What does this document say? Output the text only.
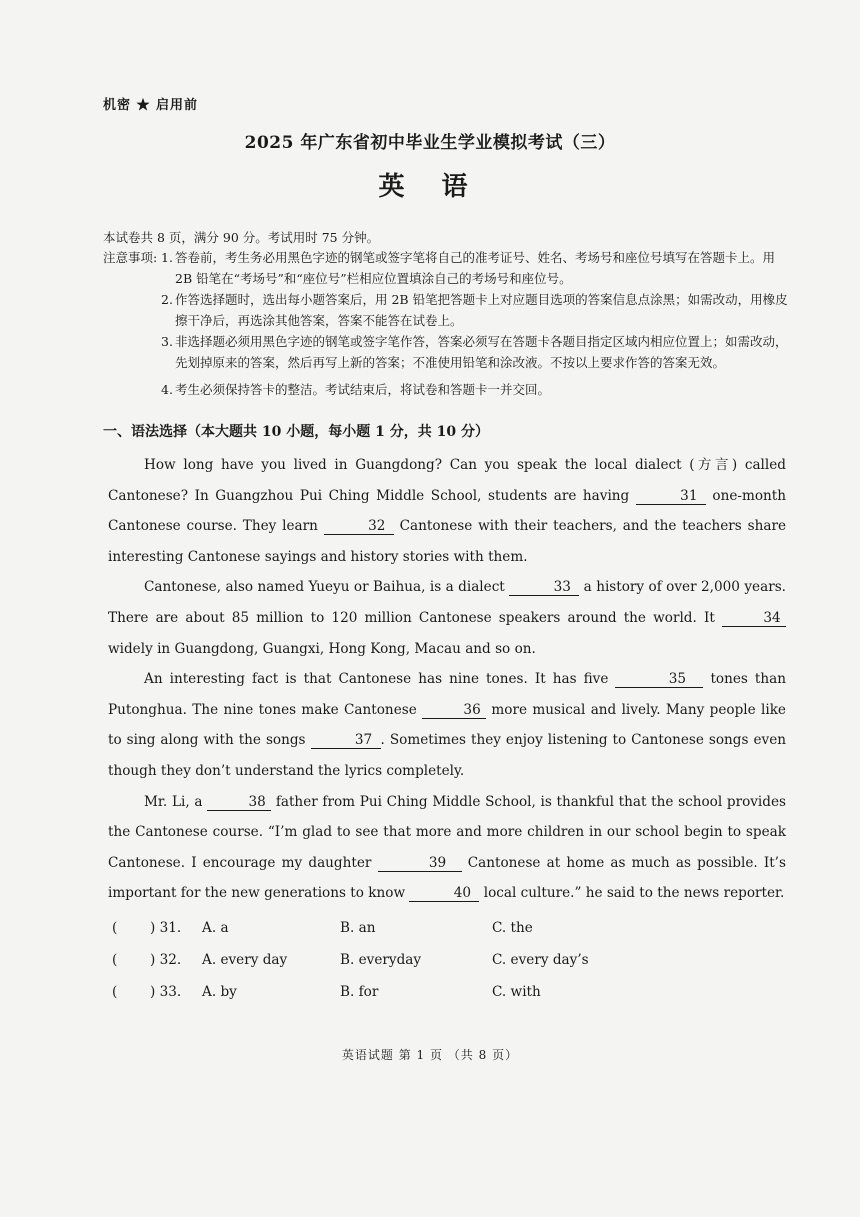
机密 ★ 启用前
2025 年广东省初中毕业生学业模拟考试（三）
英 语
本试卷共 8 页，满分 90 分。考试用时 75 分钟。
注意事项: 1. 答卷前，考生务必用黑色字迹的钢笔或签字笔将自己的准考证号、姓名、考场号和座位号填写在答题卡上。用 2B 铅笔在“考场号”和“座位号”栏相应位置填涂自己的考场号和座位号。
2. 作答选择题时，选出每小题答案后，用 2B 铅笔把答题卡上对应题目选项的答案信息点涂黑；如需改动，用橡皮擦干净后，再选涂其他答案，答案不能答在试卷上。
3. 非选择题必须用黑色字迹的钢笔或签字笔作答，答案必须写在答题卡各题目指定区域内相应位置上；如需改动，先划掉原来的答案，然后再写上新的答案；不准使用铅笔和涂改液。不按以上要求作答的答案无效。
4. 考生必须保持答卡的整洁。考试结束后，将试卷和答题卡一并交回。
一、语法选择（本大题共 10 小题，每小题 1 分，共 10 分）

How long have you lived in Guangdong? Can you speak the local dialect (方言) called Cantonese? In Guangzhou Pui Ching Middle School, students are having	31 one-month Cantonese course. They learn	32 Cantonese with their teachers, and the teachers share interesting Cantonese sayings and history stories with them.

Cantonese, also named Yueyu or Baihua, is a dialect	33 a history of over 2,000 years. There are about 85 million to 120 million Cantonese speakers around the world. It	34 widely in Guangdong, Guangxi, Hong Kong, Macau and so on.

An interesting fact is that Cantonese has nine tones. It has five	35 tones than Putonghua. The nine tones make Cantonese	36 more musical and lively. Many people like to sing along with the songs	37 . Sometimes they enjoy listening to Cantonese songs even though they don’t understand the lyrics completely.

Mr. Li, a	38 father from Pui Ching Middle School, is thankful that the school provides the Cantonese course. “I’m glad to see that more and more children in our school begin to speak Cantonese. I encourage my daughter	39 Cantonese at home as much as possible. It’s important for the new generations to know	40 local culture.” he said to the news reporter.

( ) 31. A. a	B. an	C. the
( ) 32. A. every day	B. everyday	C. every day’s
( ) 33. A. by	B. for	C. with
英语试题 第 1 页 （共 8 页）
